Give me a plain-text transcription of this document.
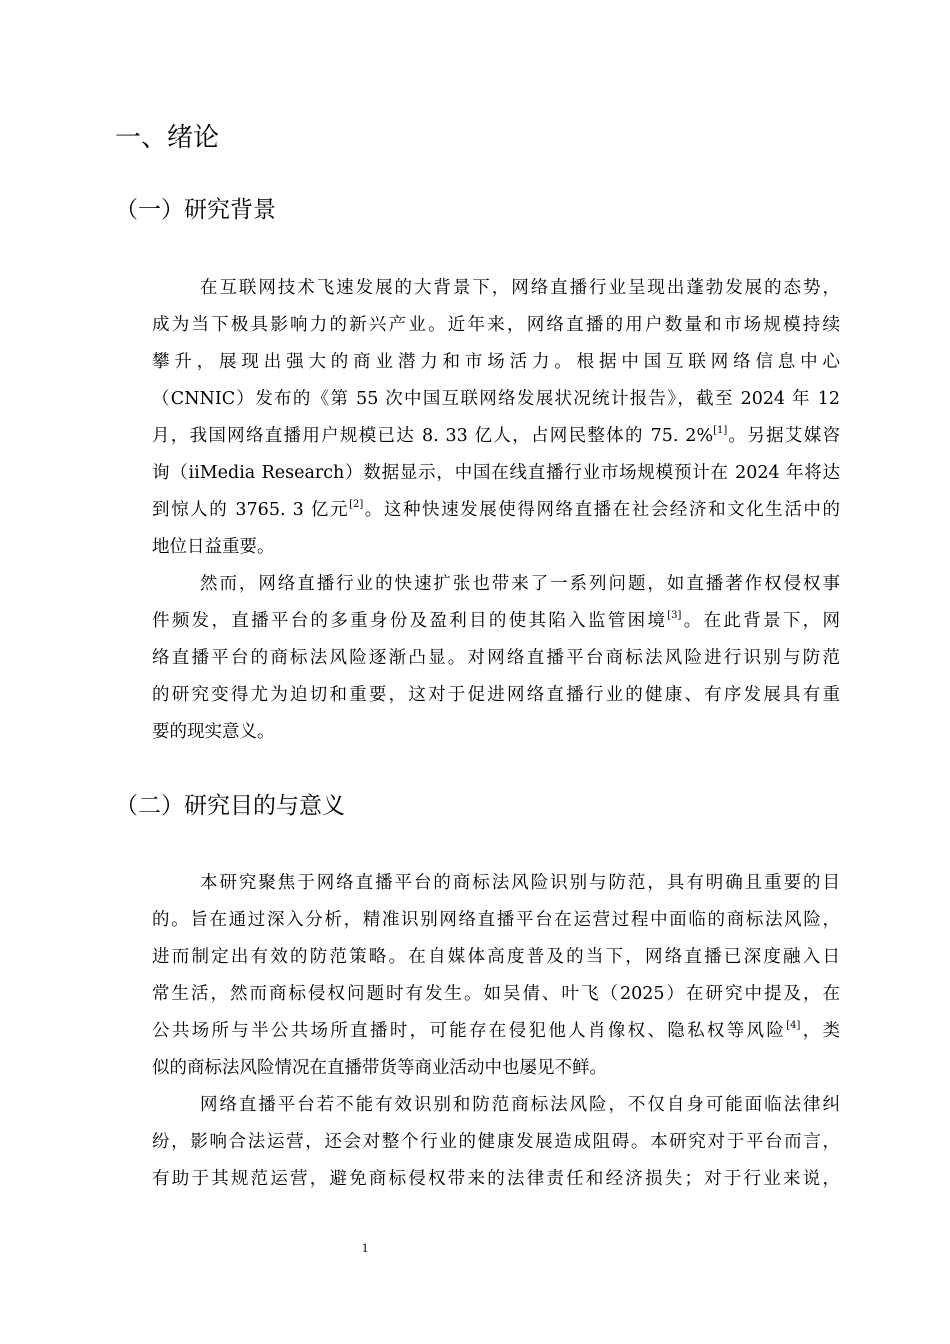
一、绪论
（一）研究背景
在互联网技术飞速发展的大背景下，网络直播行业呈现出蓬勃发展的态势，
成为当下极具影响力的新兴产业。近年来，网络直播的用户数量和市场规模持续
攀升，展现出强大的商业潜力和市场活力。根据中国互联网络信息中心
（CNNIC）发布的《第 55 次中国互联网络发展状况统计报告》，截至 2024 年 12
月，我国网络直播用户规模已达 8. 33 亿人，占网民整体的 75. 2%[1]。另据艾媒咨
询（iiMedia Research）数据显示，中国在线直播行业市场规模预计在 2024 年将达
到惊人的 3765. 3 亿元[2]。这种快速发展使得网络直播在社会经济和文化生活中的
地位日益重要。
然而，网络直播行业的快速扩张也带来了一系列问题，如直播著作权侵权事
件频发，直播平台的多重身份及盈利目的使其陷入监管困境[3]。在此背景下，网
络直播平台的商标法风险逐渐凸显。对网络直播平台商标法风险进行识别与防范
的研究变得尤为迫切和重要，这对于促进网络直播行业的健康、有序发展具有重
要的现实意义。
（二）研究目的与意义
本研究聚焦于网络直播平台的商标法风险识别与防范，具有明确且重要的目
的。旨在通过深入分析，精准识别网络直播平台在运营过程中面临的商标法风险，
进而制定出有效的防范策略。在自媒体高度普及的当下，网络直播已深度融入日
常生活，然而商标侵权问题时有发生。如吴倩、叶飞（2025）在研究中提及，在
公共场所与半公共场所直播时，可能存在侵犯他人肖像权、隐私权等风险[4]，类
似的商标法风险情况在直播带货等商业活动中也屡见不鲜。
网络直播平台若不能有效识别和防范商标法风险，不仅自身可能面临法律纠
纷，影响合法运营，还会对整个行业的健康发展造成阻碍。本研究对于平台而言，
有助于其规范运营，避免商标侵权带来的法律责任和经济损失；对于行业来说，
1
